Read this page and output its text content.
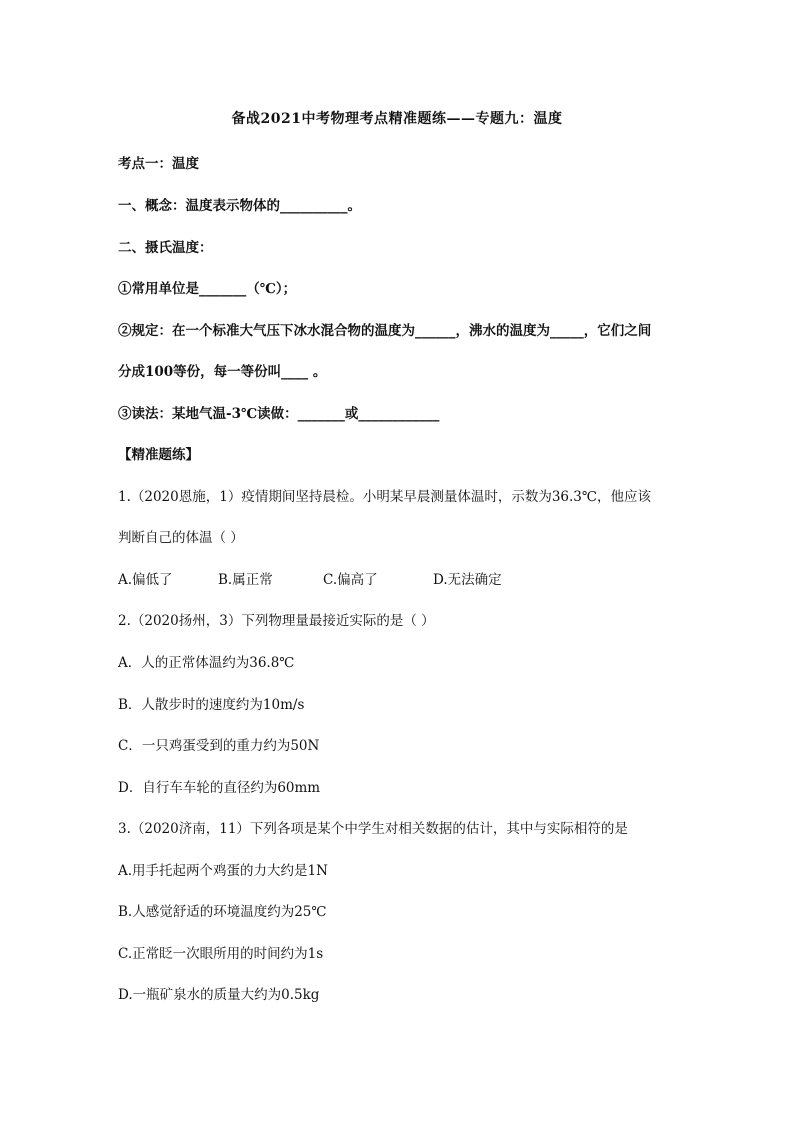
备战2021中考物理考点精准题练——专题九：温度
考点一：温度
一、概念：温度表示物体的__________。
二、摄氏温度：
①常用单位是_______（℃）；
②规定：在一个标准大气压下冰水混合物的温度为______，沸水的温度为_____，它们之间
分成100等份，每一等份叫____ 。
③读法：某地气温-3℃读做：_______或____________
【精准题练】
1.（2020恩施，1）疫情期间坚持晨检。小明某早晨测量体温时，示数为36.3℃，他应该
判断自己的体温（ ）
A.偏低了	B.属正常	C.偏高了	D.无法确定
2.（2020扬州，3）下列物理量最接近实际的是（ ）
A．人的正常体温约为36.8℃
B．人散步时的速度约为10m/s
C．一只鸡蛋受到的重力约为50N
D．自行车车轮的直径约为60mm
3.（2020济南，11）下列各项是某个中学生对相关数据的估计，其中与实际相符的是
A.用手托起两个鸡蛋的力大约是1N
B.人感觉舒适的环境温度约为25℃
C.正常眨一次眼所用的时间约为1s
D.一瓶矿泉水的质量大约为0.5kg
